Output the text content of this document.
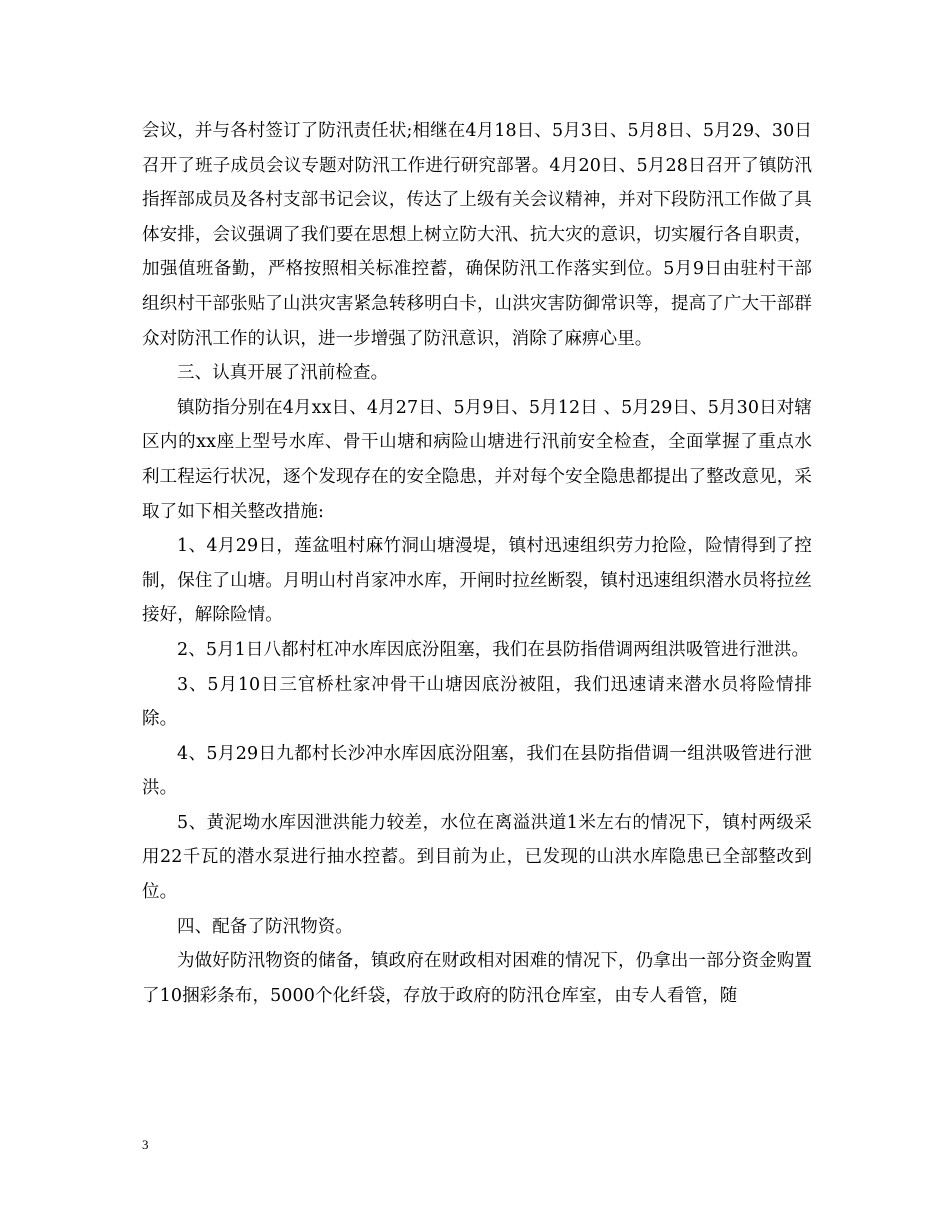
会议，并与各村签订了防汛责任状;相继在4月18日、5月3日、5月8日、5月29、30日召开了班子成员会议专题对防汛工作进行研究部署。4月20日、5月28日召开了镇防汛指挥部成员及各村支部书记会议，传达了上级有关会议精神，并对下段防汛工作做了具体安排，会议强调了我们要在思想上树立防大汛、抗大灾的意识，切实履行各自职责，加强值班备勤，严格按照相关标准控蓄，确保防汛工作落实到位。5月9日由驻村干部组织村干部张贴了山洪灾害紧急转移明白卡，山洪灾害防御常识等，提高了广大干部群众对防汛工作的认识，进一步增强了防汛意识，消除了麻痹心里。

三、认真开展了汛前检查。

镇防指分别在4月xx日、4月27日、5月9日、5月12日 、5月29日、5月30日对辖区内的xx座上型号水库、骨干山塘和病险山塘进行汛前安全检查，全面掌握了重点水利工程运行状况，逐个发现存在的安全隐患，并对每个安全隐患都提出了整改意见，采取了如下相关整改措施:

1、4月29日，莲盆咀村麻竹洞山塘漫堤，镇村迅速组织劳力抢险，险情得到了控制，保住了山塘。月明山村肖家冲水库，开闸时拉丝断裂，镇村迅速组织潜水员将拉丝接好，解除险情。

2、5月1日八都村杠冲水库因底汾阻塞，我们在县防指借调两组洪吸管进行泄洪。

3、5月10日三官桥杜家冲骨干山塘因底汾被阻，我们迅速请来潜水员将险情排除。

4、5月29日九都村长沙冲水库因底汾阻塞，我们在县防指借调一组洪吸管进行泄洪。

5、黄泥坳水库因泄洪能力较差，水位在离溢洪道1米左右的情况下，镇村两级采用22千瓦的潜水泵进行抽水控蓄。到目前为止，已发现的山洪水库隐患已全部整改到位。

四、配备了防汛物资。

为做好防汛物资的储备，镇政府在财政相对困难的情况下，仍拿出一部分资金购置了10捆彩条布，5000个化纤袋，存放于政府的防汛仓库室，由专人看管，随

3
